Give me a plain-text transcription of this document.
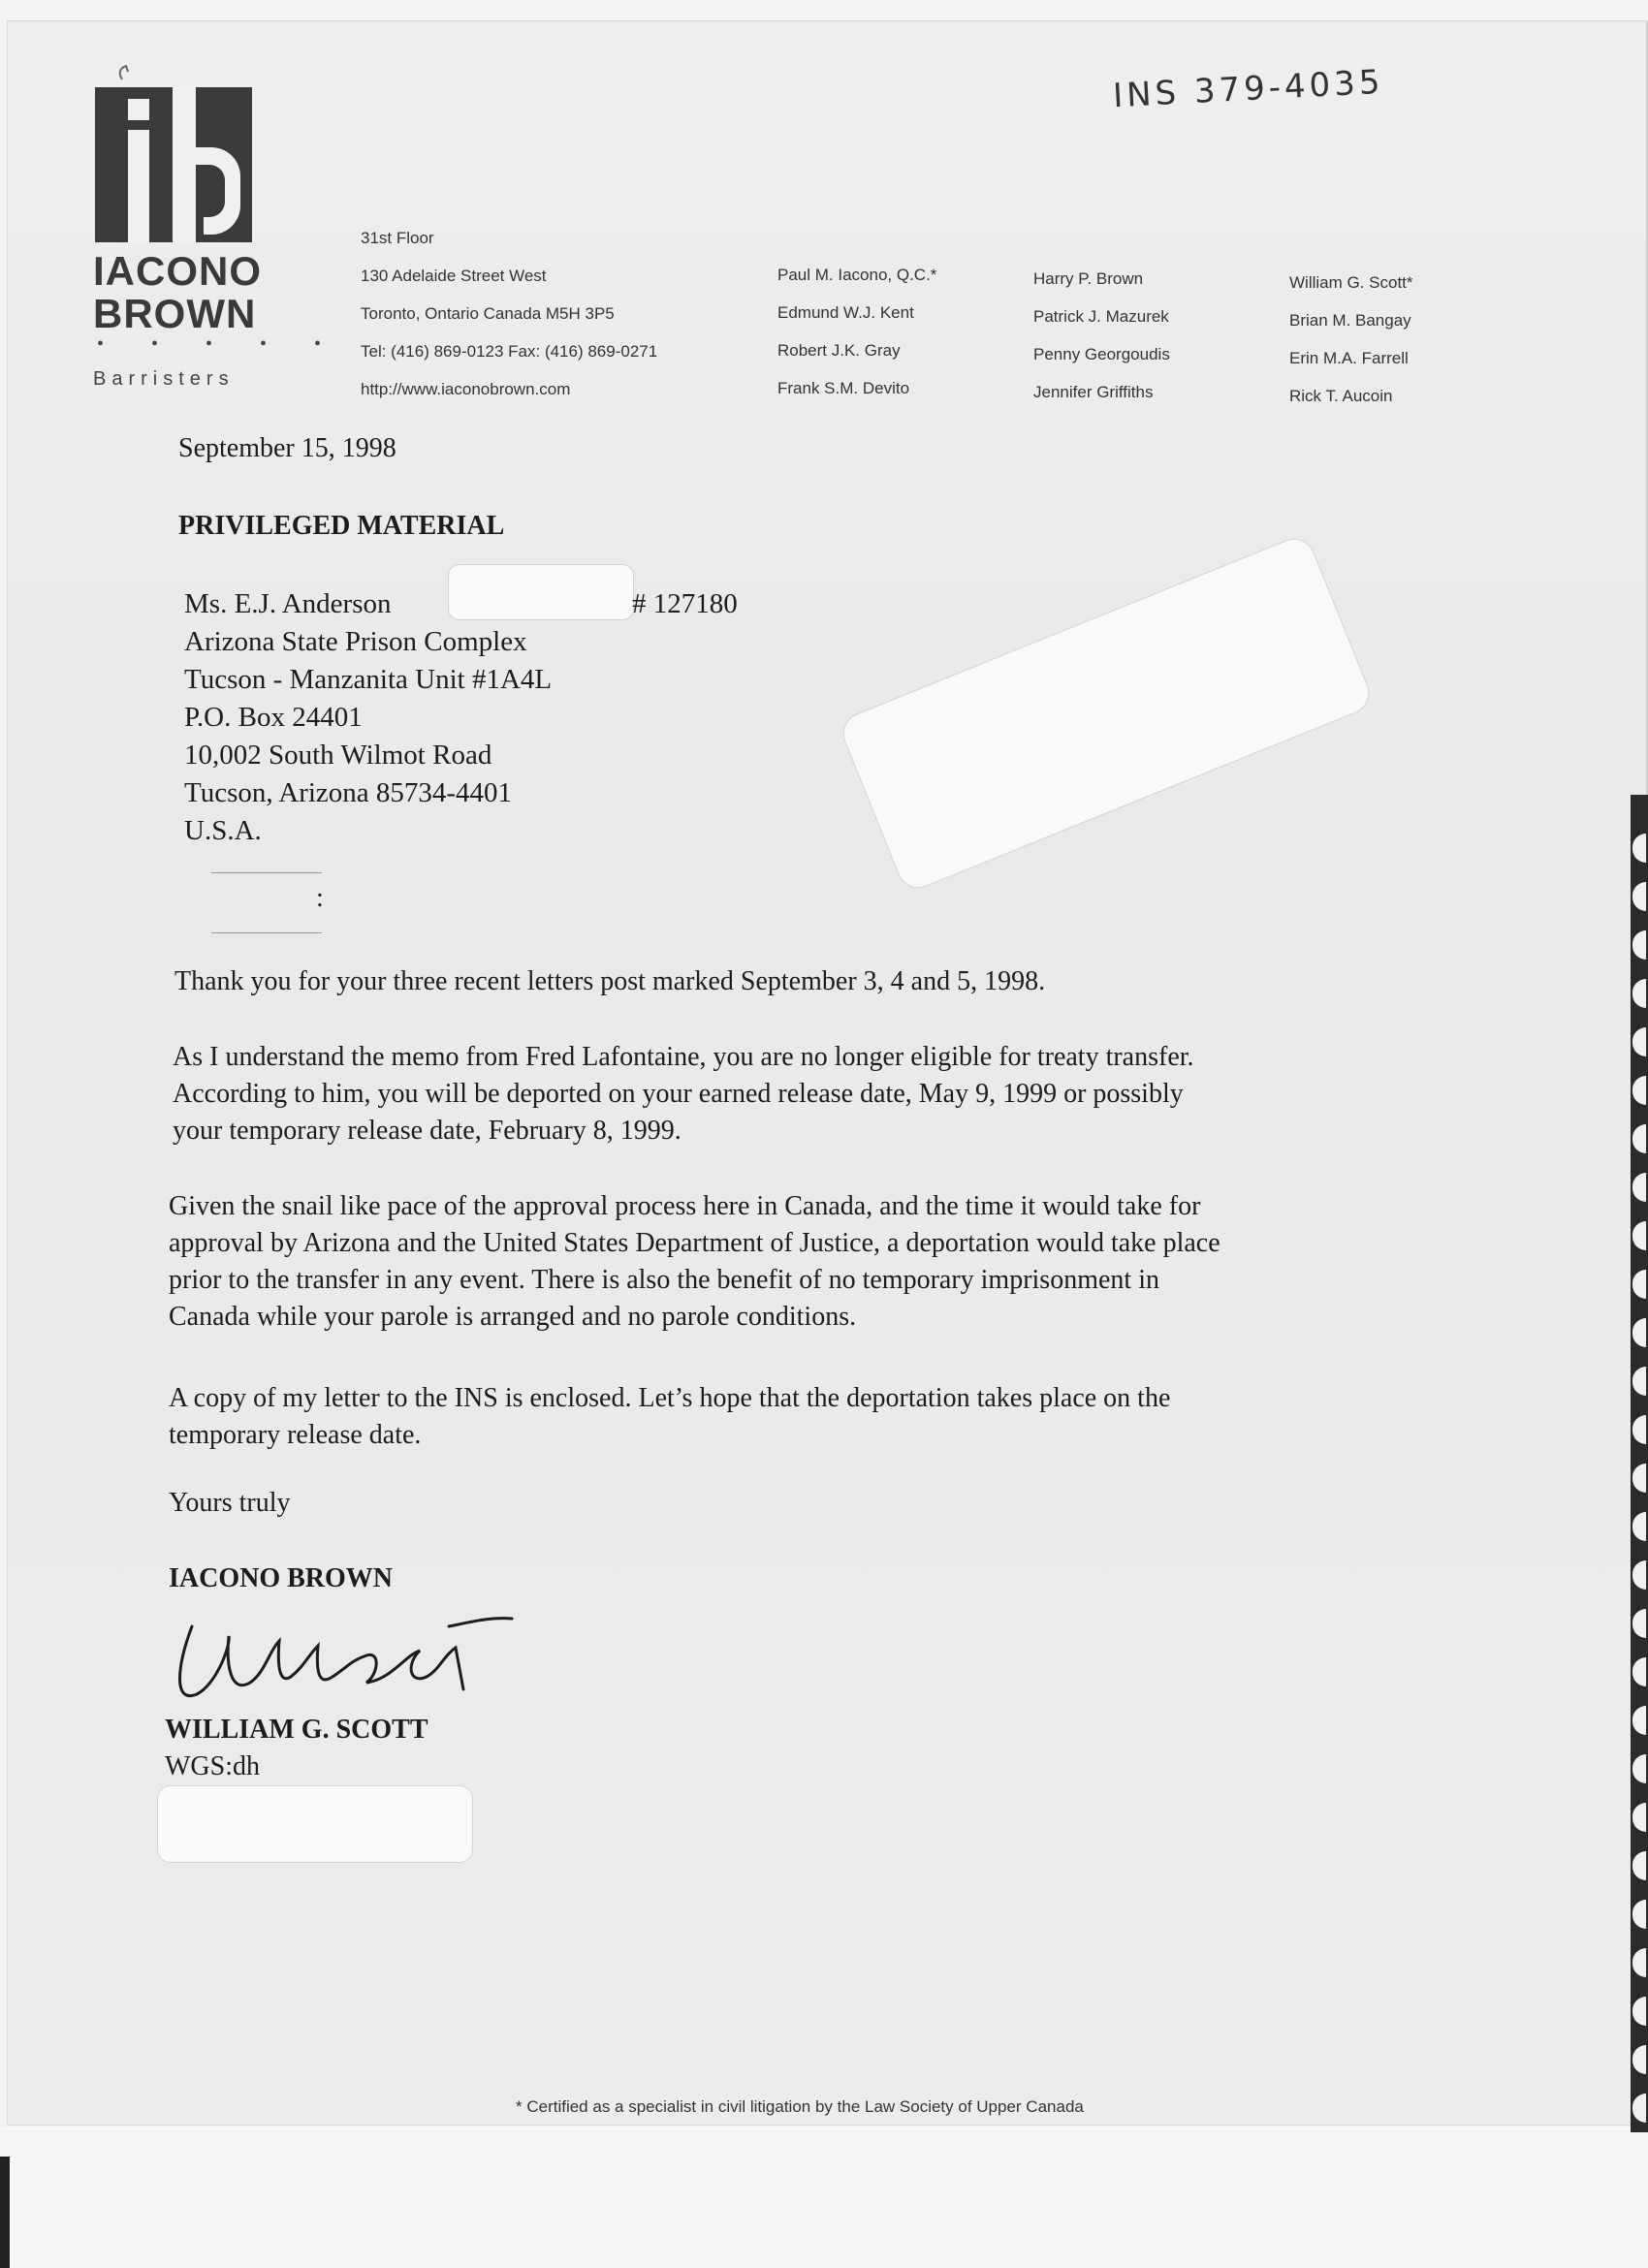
INS 379-4035
IACONO
BROWN
• • • • •
Barristers
31st Floor
130 Adelaide Street West
Toronto, Ontario Canada M5H 3P5
Tel: (416) 869-0123 Fax: (416) 869-0271
http://www.iaconobrown.com
Paul M. Iacono, Q.C.*
Edmund W.J. Kent
Robert J.K. Gray
Frank S.M. Devito
Harry P. Brown
Patrick J. Mazurek
Penny Georgoudis
Jennifer Griffiths
William G. Scott*
Brian M. Bangay
Erin M.A. Farrell
Rick T. Aucoin
September 15, 1998
PRIVILEGED MATERIAL
Ms. E.J. Anderson
Arizona State Prison Complex
Tucson - Manzanita Unit #1A4L
P.O. Box 24401
10,002 South Wilmot Road
Tucson, Arizona 85734-4401
U.S.A.
# 127180
:
Thank you for your three recent letters post marked September 3, 4 and 5, 1998.
As I understand the memo from Fred Lafontaine, you are no longer eligible for treaty transfer.
According to him, you will be deported on your earned release date, May 9, 1999 or possibly
your temporary release date, February 8, 1999.
Given the snail like pace of the approval process here in Canada, and the time it would take for
approval by Arizona and the United States Department of Justice, a deportation would take place
prior to the transfer in any event. There is also the benefit of no temporary imprisonment in
Canada while your parole is arranged and no parole conditions.
A copy of my letter to the INS is enclosed. Let’s hope that the deportation takes place on the
temporary release date.
Yours truly
IACONO BROWN
WILLIAM G. SCOTT
WGS:dh
* Certified as a specialist in civil litigation by the Law Society of Upper Canada
